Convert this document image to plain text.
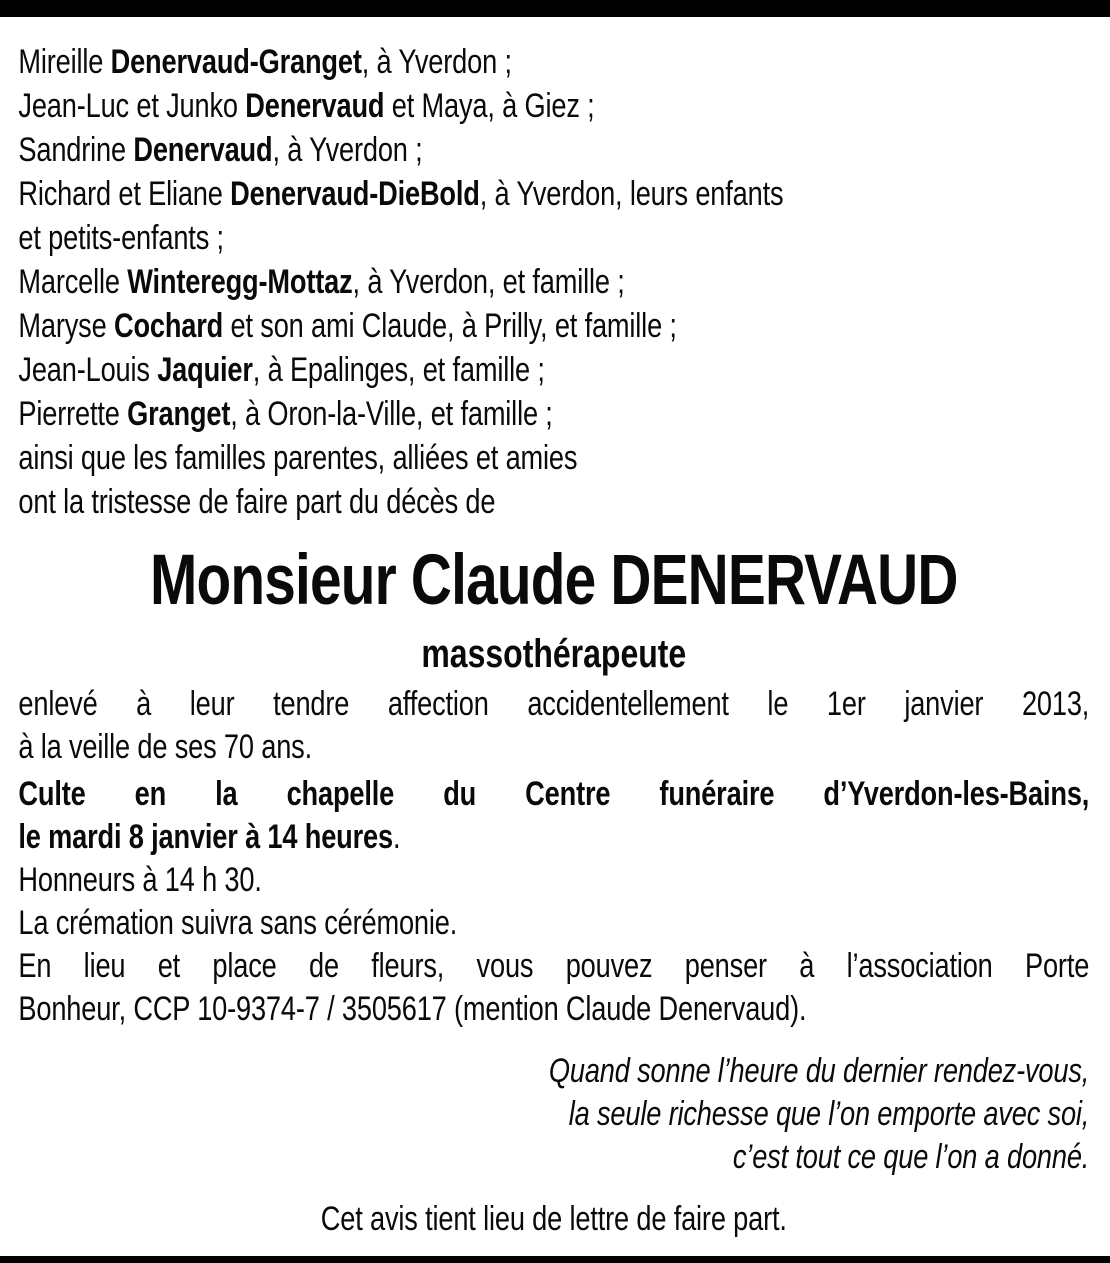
Mireille Denervaud-Granget, à Yverdon ;
Jean-Luc et Junko Denervaud et Maya, à Giez ;
Sandrine Denervaud, à Yverdon ;
Richard et Eliane Denervaud-DieBold, à Yverdon, leurs enfants
et petits-enfants ;
Marcelle Winteregg-Mottaz, à Yverdon, et famille ;
Maryse Cochard et son ami Claude, à Prilly, et famille ;
Jean-Louis Jaquier, à Epalinges, et famille ;
Pierrette Granget, à Oron-la-Ville, et famille ;
ainsi que les familles parentes, alliées et amies
ont la tristesse de faire part du décès de
Monsieur Claude DENERVAUD
massothérapeute
enlevé à leur tendre affection accidentellement le 1er janvier 2013,
à la veille de ses 70 ans.
Culte en la chapelle du Centre funéraire d’Yverdon-les-Bains,
le mardi 8 janvier à 14 heures.
Honneurs à 14 h 30.
La crémation suivra sans cérémonie.
En lieu et place de fleurs, vous pouvez penser à l’association Porte
Bonheur, CCP 10-9374-7 / 3505617 (mention Claude Denervaud).
Quand sonne l’heure du dernier rendez-vous,
la seule richesse que l’on emporte avec soi,
c’est tout ce que l’on a donné.
Cet avis tient lieu de lettre de faire part.
